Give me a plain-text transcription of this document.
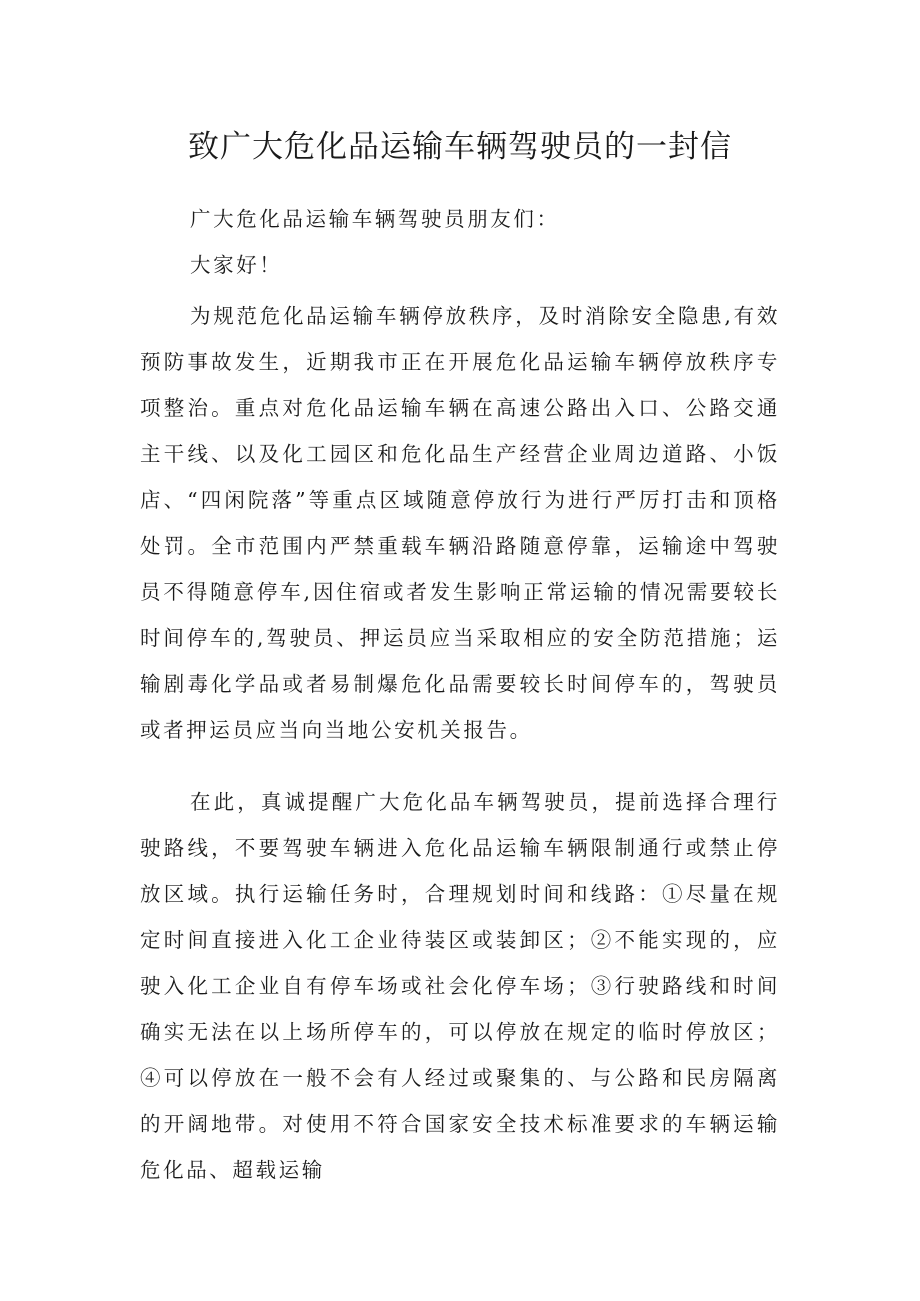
致广大危化品运输车辆驾驶员的一封信

广大危化品运输车辆驾驶员朋友们：

大家好！

为规范危化品运输车辆停放秩序，及时消除安全隐患,有效预防事故发生，近期我市正在开展危化品运输车辆停放秩序专项整治。重点对危化品运输车辆在高速公路出入口、公路交通主干线、以及化工园区和危化品生产经营企业周边道路、小饭店、“四闲院落”等重点区域随意停放行为进行严厉打击和顶格处罚。全市范围内严禁重载车辆沿路随意停靠，运输途中驾驶员不得随意停车,因住宿或者发生影响正常运输的情况需要较长时间停车的,驾驶员、押运员应当采取相应的安全防范措施；运输剧毒化学品或者易制爆危化品需要较长时间停车的，驾驶员或者押运员应当向当地公安机关报告。

在此，真诚提醒广大危化品车辆驾驶员，提前选择合理行驶路线，不要驾驶车辆进入危化品运输车辆限制通行或禁止停放区域。执行运输任务时，合理规划时间和线路：①尽量在规定时间直接进入化工企业待装区或装卸区；②不能实现的，应驶入化工企业自有停车场或社会化停车场；③行驶路线和时间确实无法在以上场所停车的，可以停放在规定的临时停放区；④可以停放在一般不会有人经过或聚集的、与公路和民房隔离的开阔地带。对使用不符合国家安全技术标准要求的车辆运输危化品、超载运输
